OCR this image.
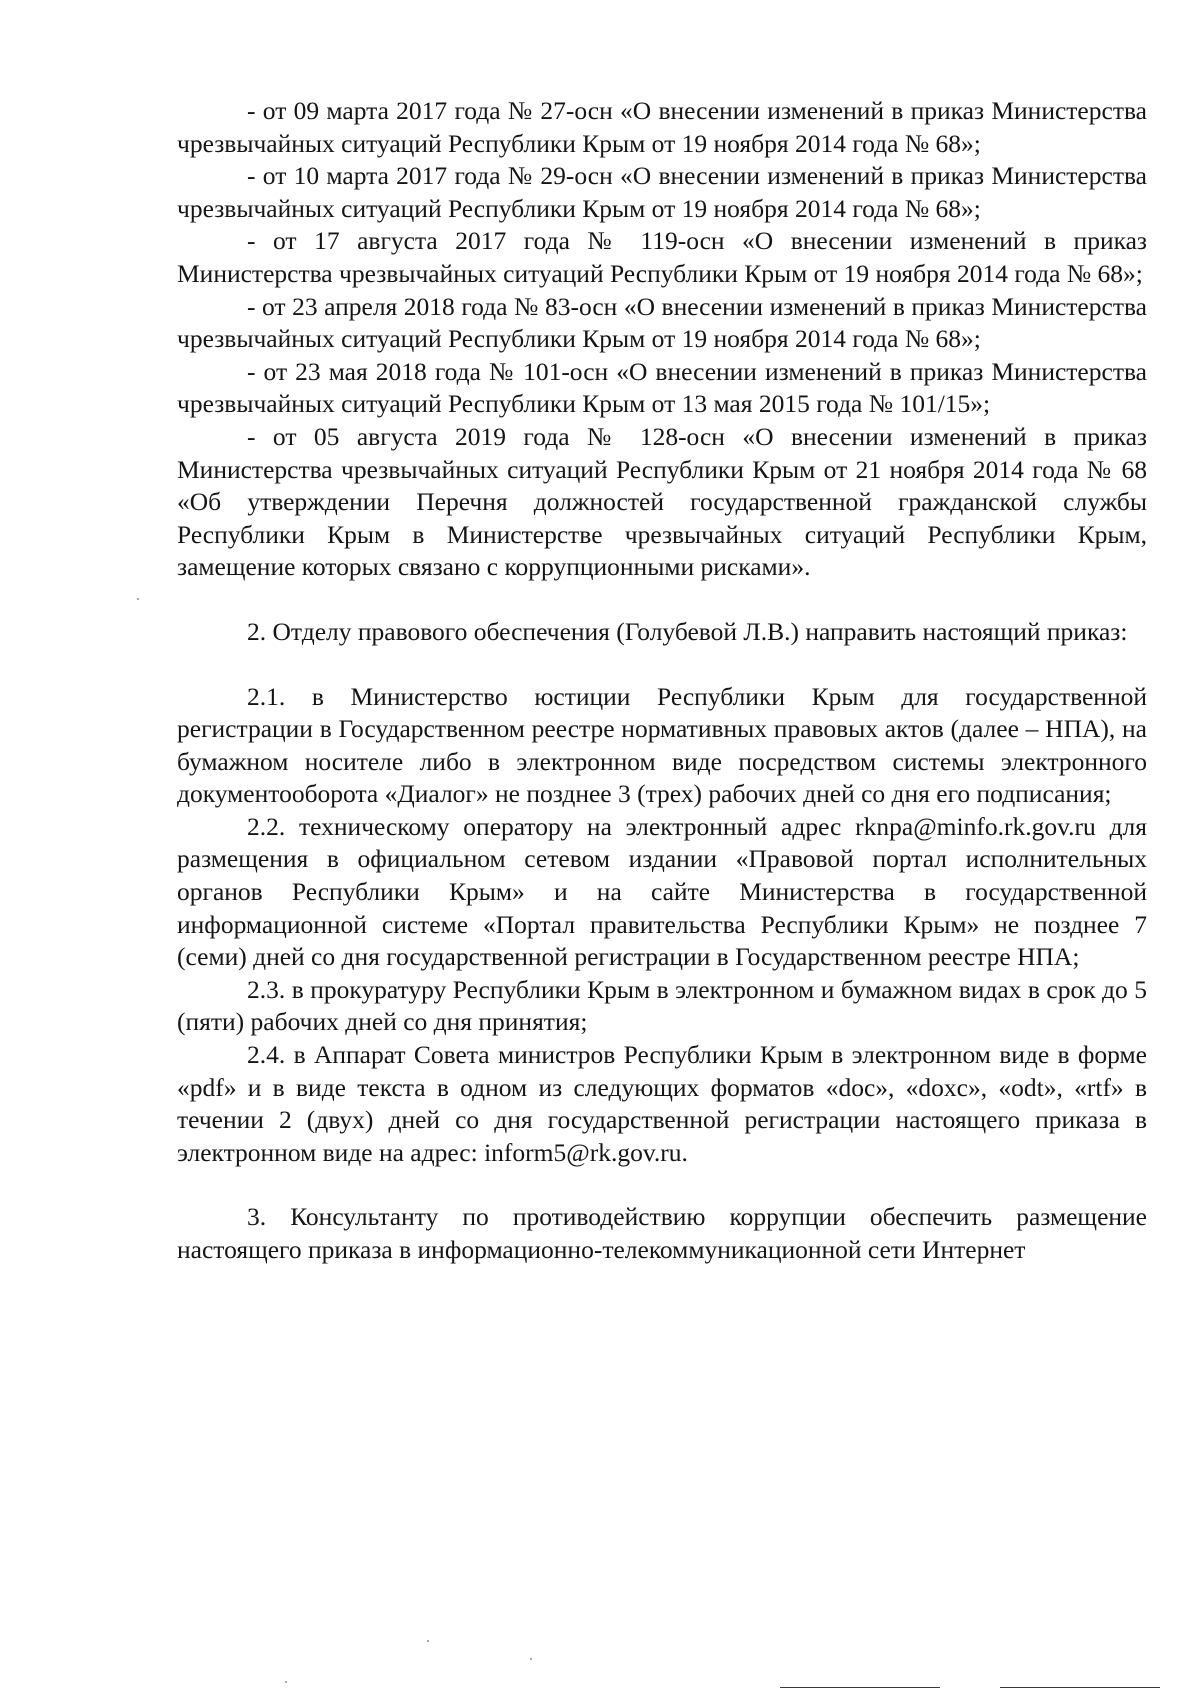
- от 09 марта 2017 года № 27-осн «О внесении изменений в приказ Министерства чрезвычайных ситуаций Республики Крым от 19 ноября 2014 года № 68»;

- от 10 марта 2017 года № 29-осн «О внесении изменений в приказ Министерства чрезвычайных ситуаций Республики Крым от 19 ноября 2014 года № 68»;

- от 17 августа 2017 года № 119-осн «О внесении изменений в приказ Министерства чрезвычайных ситуаций Республики Крым от 19 ноября 2014 года № 68»;

- от 23 апреля 2018 года № 83-осн «О внесении изменений в приказ Министерства чрезвычайных ситуаций Республики Крым от 19 ноября 2014 года № 68»;

- от 23 мая 2018 года № 101-осн «О внесении изменений в приказ Министерства чрезвычайных ситуаций Республики Крым от 13 мая 2015 года № 101/15»;

- от 05 августа 2019 года № 128-осн «О внесении изменений в приказ Министерства чрезвычайных ситуаций Республики Крым от 21 ноября 2014 года № 68 «Об утверждении Перечня должностей государственной гражданской службы Республики Крым в Министерстве чрезвычайных ситуаций Республики Крым, замещение которых связано с коррупционными рисками».

2. Отделу правового обеспечения (Голубевой Л.В.) направить настоящий приказ:

2.1. в Министерство юстиции Республики Крым для государственной регистрации в Государственном реестре нормативных правовых актов (далее – НПА), на бумажном носителе либо в электронном виде посредством системы электронного документооборота «Диалог» не позднее 3 (трех) рабочих дней со дня его подписания;

2.2. техническому оператору на электронный адрес rknpa@minfo.rk.gov.ru для размещения в официальном сетевом издании «Правовой портал исполнительных органов Республики Крым» и на сайте Министерства в государственной информационной системе «Портал правительства Республики Крым» не позднее 7 (семи) дней со дня государственной регистрации в Государственном реестре НПА;

2.3. в прокуратуру Республики Крым в электронном и бумажном видах в срок до 5 (пяти) рабочих дней со дня принятия;

2.4. в Аппарат Совета министров Республики Крым в электронном виде в форме «pdf» и в виде текста в одном из следующих форматов «doc», «doxc», «odt», «rtf» в течении 2 (двух) дней со дня государственной регистрации настоящего приказа в электронном виде на адрес: inform5@rk.gov.ru.

3. Консультанту по противодействию коррупции обеспечить размещение настоящего приказа в информационно-телекоммуникационной сети Интернет
